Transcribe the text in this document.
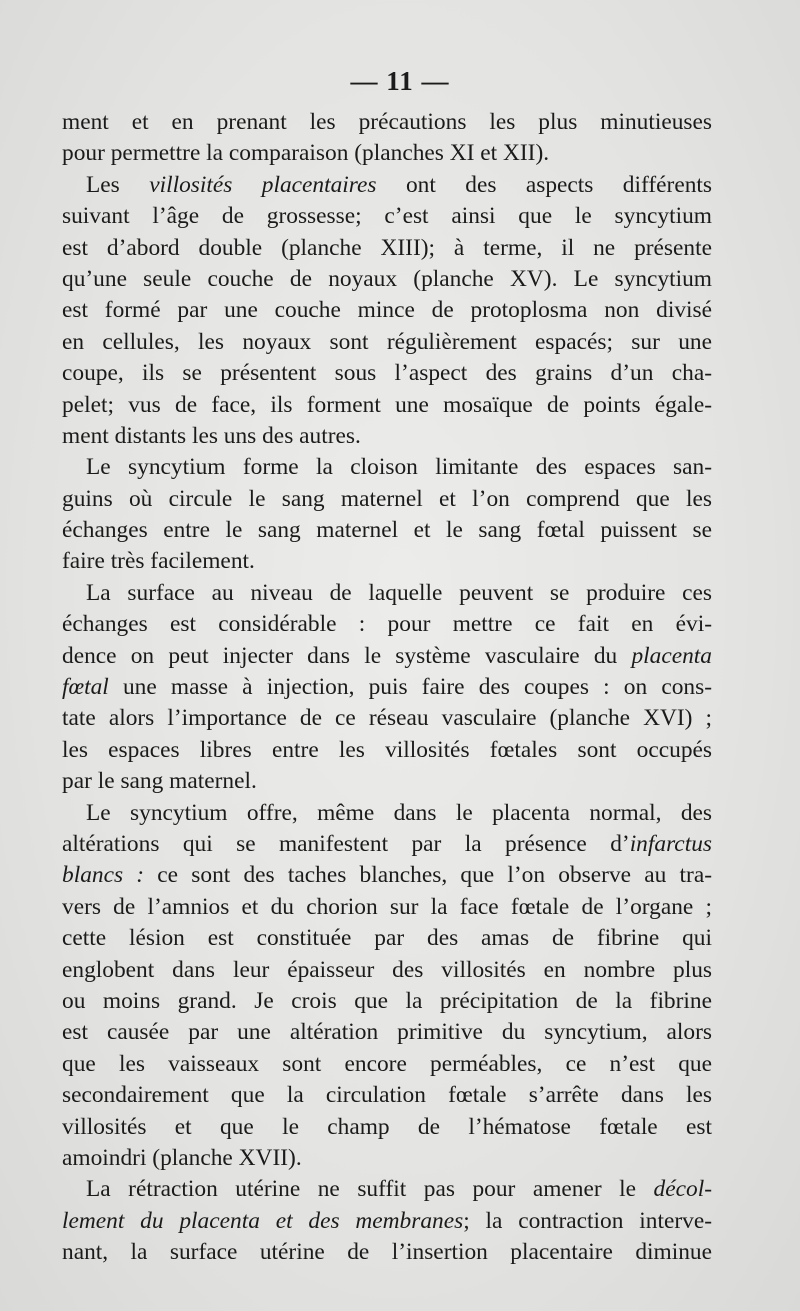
— 11 —
ment et en prenant les précautions les plus minutieuses
pour permettre la comparaison (planches XI et XII).
Les villosités placentaires ont des aspects différents
suivant l’âge de grossesse; c’est ainsi que le syncytium
est d’abord double (planche XIII); à terme, il ne présente
qu’une seule couche de noyaux (planche XV). Le syncytium
est formé par une couche mince de protoplosma non divisé
en cellules, les noyaux sont régulièrement espacés; sur une
coupe, ils se présentent sous l’aspect des grains d’un cha-
pelet; vus de face, ils forment une mosaïque de points égale-
ment distants les uns des autres.
Le syncytium forme la cloison limitante des espaces san-
guins où circule le sang maternel et l’on comprend que les
échanges entre le sang maternel et le sang fœtal puissent se
faire très facilement.
La surface au niveau de laquelle peuvent se produire ces
échanges est considérable : pour mettre ce fait en évi-
dence on peut injecter dans le système vasculaire du placenta
fœtal une masse à injection, puis faire des coupes : on cons-
tate alors l’importance de ce réseau vasculaire (planche XVI) ;
les espaces libres entre les villosités fœtales sont occupés
par le sang maternel.
Le syncytium offre, même dans le placenta normal, des
altérations qui se manifestent par la présence d’infarctus
blancs : ce sont des taches blanches, que l’on observe au tra-
vers de l’amnios et du chorion sur la face fœtale de l’organe ;
cette lésion est constituée par des amas de fibrine qui
englobent dans leur épaisseur des villosités en nombre plus
ou moins grand. Je crois que la précipitation de la fibrine
est causée par une altération primitive du syncytium, alors
que les vaisseaux sont encore perméables, ce n’est que
secondairement que la circulation fœtale s’arrête dans les
villosités et que le champ de l’hématose fœtale est
amoindri (planche XVII).
La rétraction utérine ne suffit pas pour amener le décol-
lement du placenta et des membranes; la contraction interve-
nant, la surface utérine de l’insertion placentaire diminue
